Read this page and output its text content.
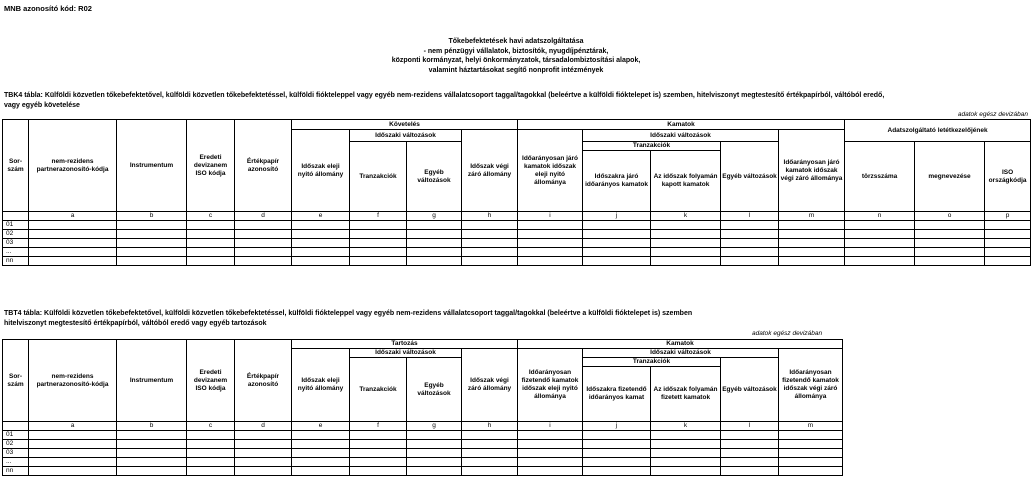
MNB azonosító kód: R02
Tőkebefektetések havi adatszolgáltatása
- nem pénzügyi vállalatok, biztosítók, nyugdíjpénztárak,
központi kormányzat, helyi önkormányzatok, társadalombiztosítási alapok,
valamint háztartásokat segítő nonprofit intézmények
TBK4 tábla: Külföldi közvetlen tőkebefektetővel, külföldi közvetlen tőkebefektetéssel, külföldi fiókteleppel vagy egyéb nem-rezidens vállalatcsoport taggal/tagokkal (beleértve a külföldi fióktelepet is) szemben, hitelviszonyt megtestesítő értékpapírból, váltóból eredő,
vagy egyéb követelése
adatok egész devizában
Sor-szám	nem-rezidens partnerazonosító-kódja	Instrumentum	Eredeti devizanem ISO kódja	Értékpapír azonosító	Követelés				Kamatok					Adatszolgáltató letétkezelőjének		
					Időszak eleji nyitó állomány	Időszaki változások		Időszak végi záró állomány	Időarányosan járó kamatok időszak eleji nyitó állománya	Időszaki változások			Időarányosan járó kamatok időszak végi záró állománya			
						Tranzakciók	Egyéb változások			Tranzakciók		Egyéb változások		törzsszáma	megnevezése	ISO országkódja
										Időszakra járó időarányos kamatok	Az időszak folyamán kapott kamatok					
	a	b	c	d	e	f	g	h	i	j	k	l	m	n	o	p
01																
02																
03																
...																
nn																
TBT4 tábla: Külföldi közvetlen tőkebefektetővel, külföldi közvetlen tőkebefektetéssel, külföldi fiókteleppel vagy egyéb nem-rezidens vállalatcsoport taggal/tagokkal (beleértve a külföldi fióktelepet is) szemben
hitelviszonyt megtestesítő értékpapírból, váltóból eredő vagy egyéb tartozások
adatok egész devizában
Sor-szám	nem-rezidens partnerazonosító-kódja	Instrumentum	Eredeti devizanem ISO kódja	Értékpapír azonosító	Tartozás				Kamatok				
					Időszak eleji nyitó állomány	Időszaki változások		Időszak végi záró állomány	Időarányosan fizetendő kamatok időszak eleji nyitó állománya	Időszaki változások			Időarányosan fizetendő kamatok időszak végi záró állománya
						Tranzakciók	Egyéb változások			Tranzakciók		Egyéb változások	
										Időszakra fizetendő időarányos kamat	Az időszak folyamán fizetett kamatok		
	a	b	c	d	e	f	g	h	i	j	k	l	m
01													
02													
03													
...													
nn													
